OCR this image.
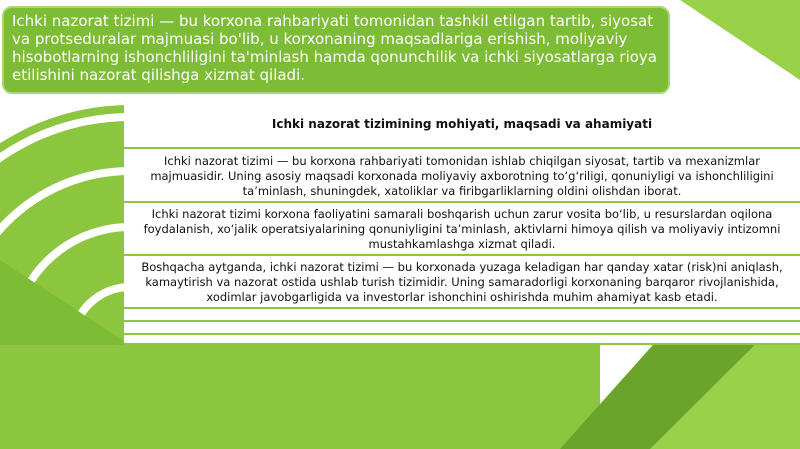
Ichki nazorat tizimi — bu korxona rahbariyati tomonidan tashkil etilgan tartib, siyosat va protseduralar majmuasi bo'lib, u korxonaning maqsadlariga erishish, moliyaviy hisobotlarning ishonchliligini ta'minlash hamda qonunchilik va ichki siyosatlarga rioya etilishini nazorat qilishga xizmat qiladi.
Ichki nazorat tizimining mohiyati, maqsadi va ahamiyati
Ichki nazorat tizimi — bu korxona rahbariyati tomonidan ishlab chiqilgan siyosat, tartib va mexanizmlar majmuasidir. Uning asosiy maqsadi korxonada moliyaviy axborotning to‘g‘riligi, qonuniyligi va ishonchliligini ta’minlash, shuningdek, xatoliklar va firibgarliklarning oldini olishdan iborat.
Ichki nazorat tizimi korxona faoliyatini samarali boshqarish uchun zarur vosita bo‘lib, u resurslardan oqilona foydalanish, xo‘jalik operatsiyalarining qonuniyligini ta’minlash, aktivlarni himoya qilish va moliyaviy intizomni mustahkamlashga xizmat qiladi.
Boshqacha aytganda, ichki nazorat tizimi — bu korxonada yuzaga keladigan har qanday xatar (risk)ni aniqlash, kamaytirish va nazorat ostida ushlab turish tizimidir. Uning samaradorligi korxonaning barqaror rivojlanishida, xodimlar javobgarligida va investorlar ishonchini oshirishda muhim ahamiyat kasb etadi.
